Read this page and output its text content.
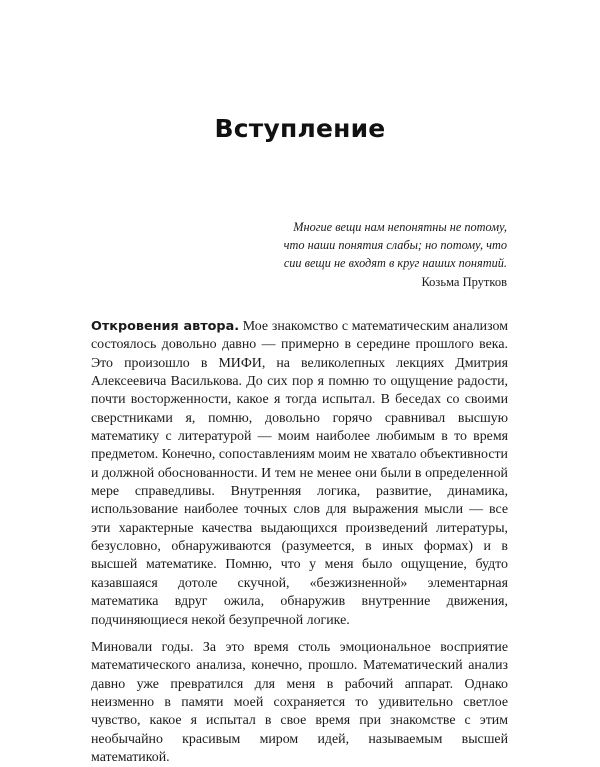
Вступление
Многие вещи нам непонятны не потому,
что наши понятия слабы; но потому, что
сии вещи не входят в круг наших понятий.
Козьма Прутков

Откровения автора. Мое знакомство с математическим анализом состоялось довольно давно — примерно в середине прошлого века. Это произошло в МИФИ, на великолепных лекциях Дмитрия Алексеевича Василькова. До сих пор я помню то ощущение радости, почти восторженности, какое я тогда испытал. В беседах со своими сверстниками я, помню, довольно горячо сравнивал высшую математику с литературой — моим наиболее любимым в то время предметом. Конечно, сопоставлениям моим не хватало объективности и должной обоснованности. И тем не менее они были в определенной мере справедливы. Внутренняя логика, развитие, динамика, использование наиболее точных слов для выражения мысли — все эти характерные качества выдающихся произведений литературы, безусловно, обнаруживаются (разумеется, в иных формах) и в высшей математике. Помню, что у меня было ощущение, будто казавшаяся дотоле скучной, «безжизненной» элементарная математика вдруг ожила, обнаружив внутренние движения, подчиняющиеся некой безупречной логике.

Миновали годы. За это время столь эмоциональное восприятие математического анализа, конечно, прошло. Математический анализ давно уже превратился для меня в рабочий аппарат. Однако неизменно в памяти моей сохраняется то удивительно светлое чувство, какое я испытал в свое время при знакомстве с этим необычайно красивым миром идей, называемым высшей математикой.
